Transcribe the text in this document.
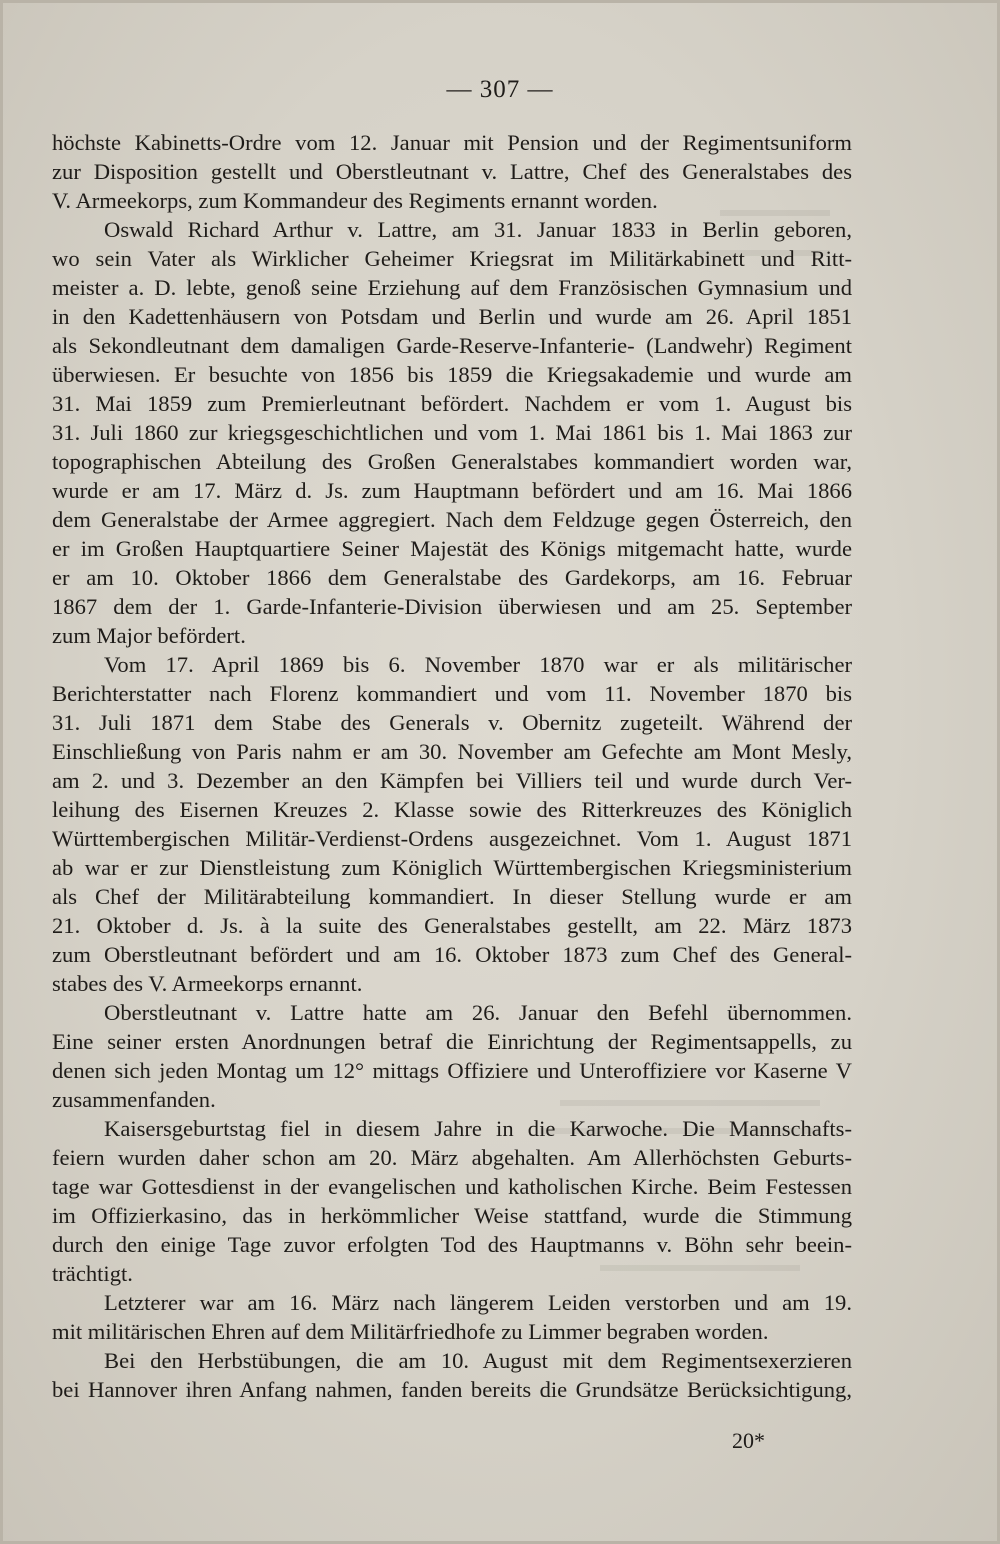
— 307 —
höchste Kabinetts-Ordre vom 12. Januar mit Pension und der Regimentsuniform
zur Disposition gestellt und Oberstleutnant v. Lattre, Chef des Generalstabes des
V. Armeekorps, zum Kommandeur des Regiments ernannt worden.
Oswald Richard Arthur v. Lattre, am 31. Januar 1833 in Berlin geboren,
wo sein Vater als Wirklicher Geheimer Kriegsrat im Militärkabinett und Ritt-
meister a. D. lebte, genoß seine Erziehung auf dem Französischen Gymnasium und
in den Kadettenhäusern von Potsdam und Berlin und wurde am 26. April 1851
als Sekondleutnant dem damaligen Garde-Reserve-Infanterie- (Landwehr) Regiment
überwiesen. Er besuchte von 1856 bis 1859 die Kriegsakademie und wurde am
31. Mai 1859 zum Premierleutnant befördert. Nachdem er vom 1. August bis
31. Juli 1860 zur kriegsgeschichtlichen und vom 1. Mai 1861 bis 1. Mai 1863 zur
topographischen Abteilung des Großen Generalstabes kommandiert worden war,
wurde er am 17. März d. Js. zum Hauptmann befördert und am 16. Mai 1866
dem Generalstabe der Armee aggregiert. Nach dem Feldzuge gegen Österreich, den
er im Großen Hauptquartiere Seiner Majestät des Königs mitgemacht hatte, wurde
er am 10. Oktober 1866 dem Generalstabe des Gardekorps, am 16. Februar
1867 dem der 1. Garde-Infanterie-Division überwiesen und am 25. September
zum Major befördert.
Vom 17. April 1869 bis 6. November 1870 war er als militärischer
Berichterstatter nach Florenz kommandiert und vom 11. November 1870 bis
31. Juli 1871 dem Stabe des Generals v. Obernitz zugeteilt. Während der
Einschließung von Paris nahm er am 30. November am Gefechte am Mont Mesly,
am 2. und 3. Dezember an den Kämpfen bei Villiers teil und wurde durch Ver-
leihung des Eisernen Kreuzes 2. Klasse sowie des Ritterkreuzes des Königlich
Württembergischen Militär-Verdienst-Ordens ausgezeichnet. Vom 1. August 1871
ab war er zur Dienstleistung zum Königlich Württembergischen Kriegsministerium
als Chef der Militärabteilung kommandiert. In dieser Stellung wurde er am
21. Oktober d. Js. à la suite des Generalstabes gestellt, am 22. März 1873
zum Oberstleutnant befördert und am 16. Oktober 1873 zum Chef des General-
stabes des V. Armeekorps ernannt.
Oberstleutnant v. Lattre hatte am 26. Januar den Befehl übernommen.
Eine seiner ersten Anordnungen betraf die Einrichtung der Regimentsappells, zu
denen sich jeden Montag um 12° mittags Offiziere und Unteroffiziere vor Kaserne V
zusammenfanden.
Kaisersgeburtstag fiel in diesem Jahre in die Karwoche. Die Mannschafts-
feiern wurden daher schon am 20. März abgehalten. Am Allerhöchsten Geburts-
tage war Gottesdienst in der evangelischen und katholischen Kirche. Beim Festessen
im Offizierkasino, das in herkömmlicher Weise stattfand, wurde die Stimmung
durch den einige Tage zuvor erfolgten Tod des Hauptmanns v. Böhn sehr beein-
trächtigt.
Letzterer war am 16. März nach längerem Leiden verstorben und am 19.
mit militärischen Ehren auf dem Militärfriedhofe zu Limmer begraben worden.
Bei den Herbstübungen, die am 10. August mit dem Regimentsexerzieren
bei Hannover ihren Anfang nahmen, fanden bereits die Grundsätze Berücksichtigung,
20*
